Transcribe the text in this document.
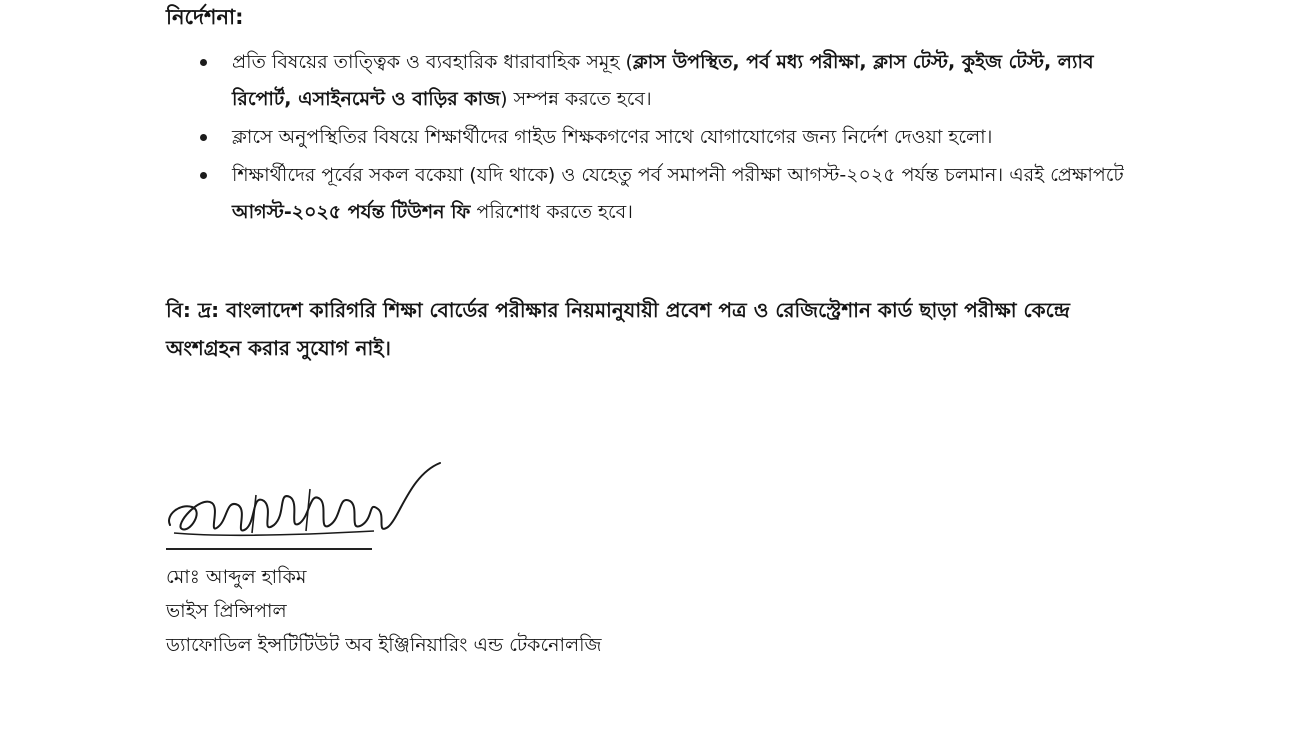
নির্দেশনা:
প্রতি বিষয়ের তাত্ত্বিক ও ব্যবহারিক ধারাবাহিক সমূহ (ক্লাস উপস্থিত, পর্ব মধ্য পরীক্ষা, ক্লাস টেস্ট, কুইজ টেস্ট, ল্যাব রিপোর্ট, এসাইনমেন্ট ও বাড়ির কাজ) সম্পন্ন করতে হবে।
ক্লাসে অনুপস্থিতির বিষয়ে শিক্ষার্থীদের গাইড শিক্ষকগণের সাথে যোগাযোগের জন্য নির্দেশ দেওয়া হলো।
শিক্ষার্থীদের পূর্বের সকল বকেয়া (যদি থাকে) ও যেহেতু পর্ব সমাপনী পরীক্ষা আগস্ট-২০২৫ পর্যন্ত চলমান। এরই প্রেক্ষাপটে আগস্ট-২০২৫ পর্যন্ত টিউশন ফি পরিশোধ করতে হবে।
বি: দ্র: বাংলাদেশ কারিগরি শিক্ষা বোর্ডের পরীক্ষার নিয়মানুযায়ী প্রবেশ পত্র ও রেজিস্ট্রেশান কার্ড ছাড়া পরীক্ষা কেন্দ্রে অংশগ্রহন করার সুযোগ নাই।
মোঃ আব্দুল হাকিম
ভাইস প্রিন্সিপাল
ড্যাফোডিল ইন্সটিটিউট অব ইঞ্জিনিয়ারিং এন্ড টেকনোলজি
